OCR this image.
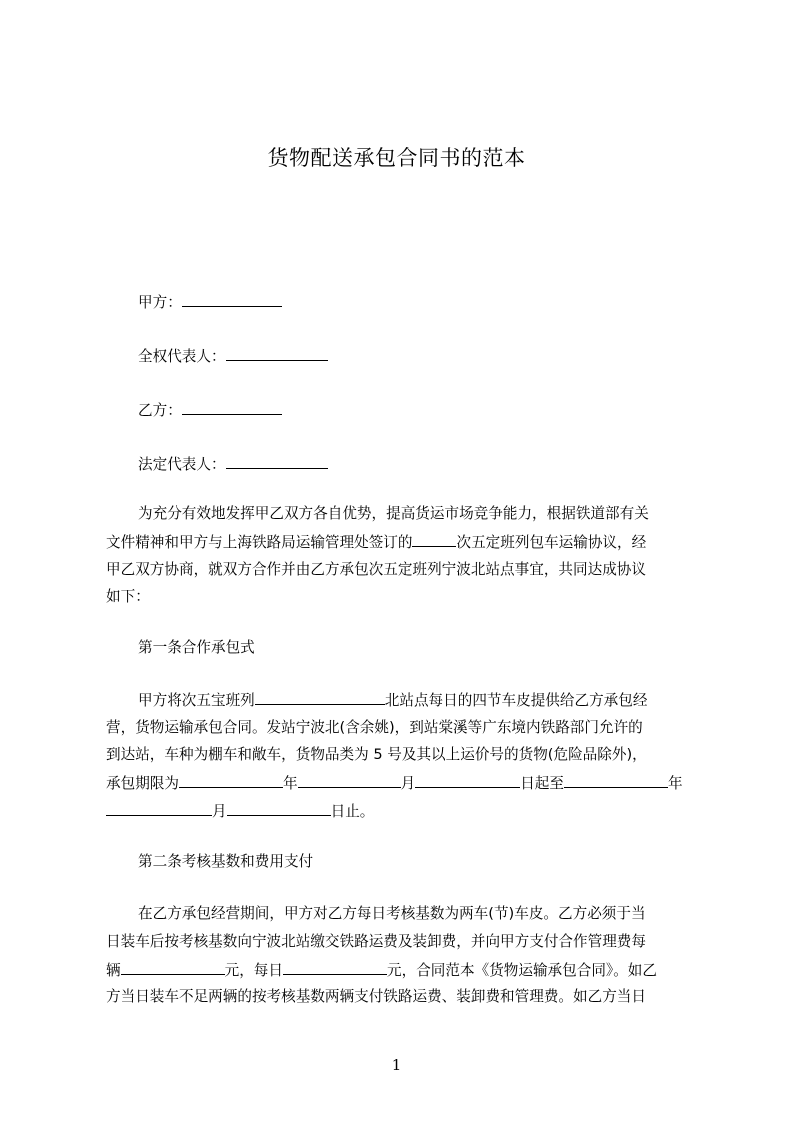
货物配送承包合同书的范本
甲方：
全权代表人：
乙方：
法定代表人：
为充分有效地发挥甲乙双方各自优势，提高货运市场竞争能力，根据铁道部有关
文件精神和甲方与上海铁路局运输管理处签订的	次五定班列包车运输协议，经
甲乙双方协商，就双方合作并由乙方承包次五定班列宁波北站点事宜，共同达成协议
如下：
第一条合作承包式
甲方将次五宝班列	北站点每日的四节车皮提供给乙方承包经
营，货物运输承包合同。发站宁波北(含余姚)，到站棠溪等广东境内铁路部门允许的
到达站，车种为棚车和敞车，货物品类为 5 号及其以上运价号的货物(危险品除外)，
承包期限为	年	月	日起至	年
月	日止。
第二条考核基数和费用支付
在乙方承包经营期间，甲方对乙方每日考核基数为两车(节)车皮。乙方必须于当
日装车后按考核基数向宁波北站缴交铁路运费及装卸费，并向甲方支付合作管理费每
辆	元，每日	元，合同范本《货物运输承包合同》。如乙
方当日装车不足两辆的按考核基数两辆支付铁路运费、装卸费和管理费。如乙方当日
1
